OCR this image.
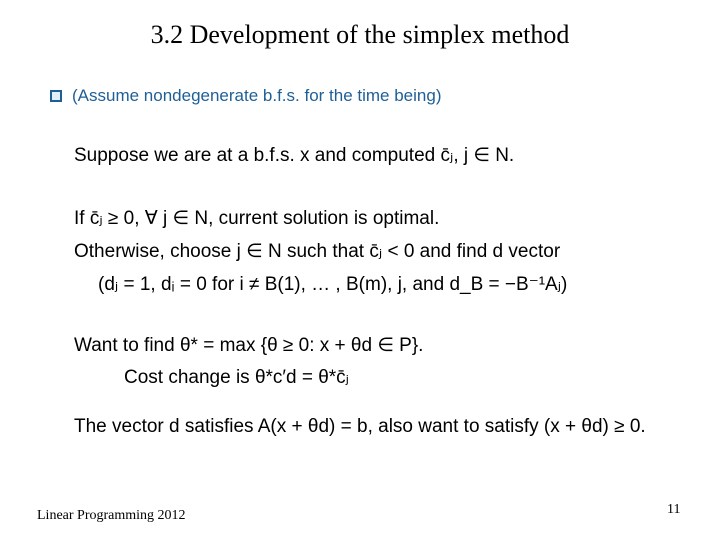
3.2 Development of the simplex method
(Assume nondegenerate b.f.s. for the time being)
Suppose we are at a b.f.s. x and computed c̄ⱼ, j ∈ N.
If c̄ⱼ ≥ 0, ∀ j ∈ N, current solution is optimal.
Otherwise, choose j ∈ N such that c̄ⱼ < 0 and find d vector
(dⱼ = 1, dᵢ = 0 for i ≠ B(1), … , B(m), j, and d_B = −B⁻¹Aⱼ)
Want to find θ* = max {θ ≥ 0: x + θd ∈ P}.
Cost change is θ*c′d = θ*c̄ⱼ
The vector d satisfies A(x + θd) = b, also want to satisfy (x + θd) ≥ 0.
Linear Programming 2012	11
